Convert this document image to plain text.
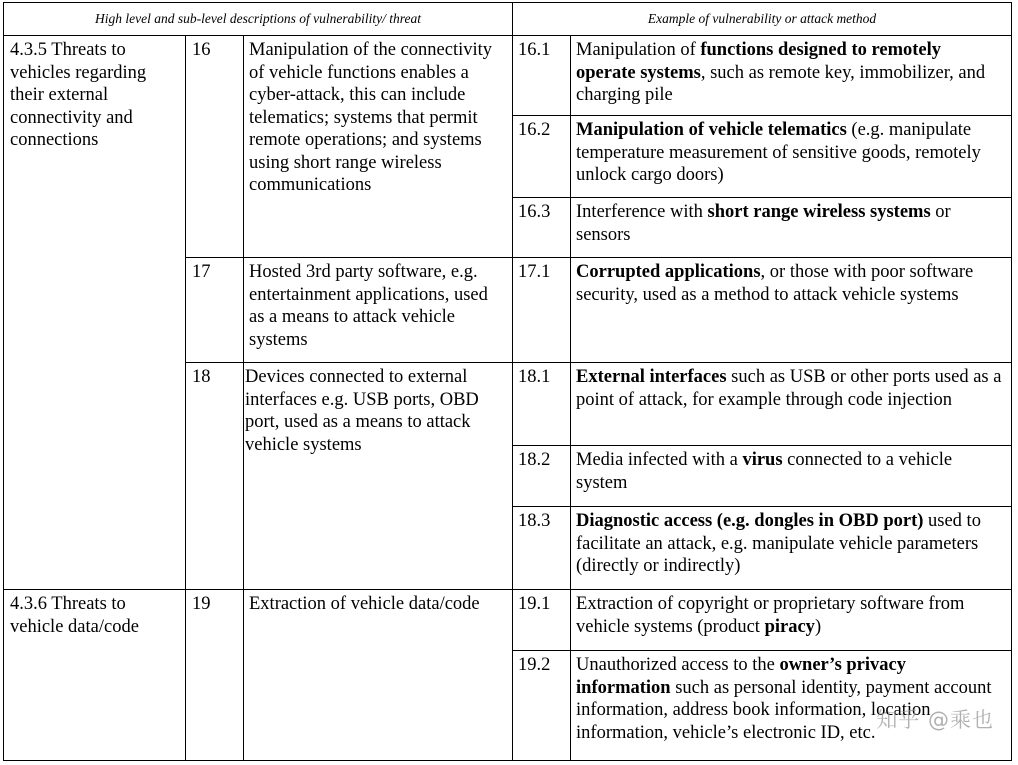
High level and sub-level descriptions of vulnerability/ threat			Example of vulnerability or attack method	
4.3.5 Threats to vehicles regarding their external connectivity and connections	16	Manipulation of the connectivity of vehicle functions enables a cyber-attack, this can include telematics; systems that permit remote operations; and systems using short range wireless communications	16.1	Manipulation of functions designed to remotely operate systems, such as remote key, immobilizer, and charging pile
			16.2	Manipulation of vehicle telematics (e.g. manipulate temperature measurement of sensitive goods, remotely unlock cargo doors)
			16.3	Interference with short range wireless systems or sensors
	17	Hosted 3rd party software, e.g. entertainment applications, used as a means to attack vehicle systems	17.1	Corrupted applications, or those with poor software security, used as a method to attack vehicle systems
	18	Devices connected to external interfaces e.g. USB ports, OBD port, used as a means to attack vehicle systems	18.1	External interfaces such as USB or other ports used as a point of attack, for example through code injection
			18.2	Media infected with a virus connected to a vehicle system
			18.3	Diagnostic access (e.g. dongles in OBD port) used to facilitate an attack, e.g. manipulate vehicle parameters (directly or indirectly)
4.3.6 Threats to vehicle data/code	19	Extraction of vehicle data/code	19.1	Extraction of copyright or proprietary software from vehicle systems (product piracy)
			19.2	Unauthorized access to the owner’s privacy information such as personal identity, payment account information, address book information, location information, vehicle’s electronic ID, etc.
知乎 @乘也
